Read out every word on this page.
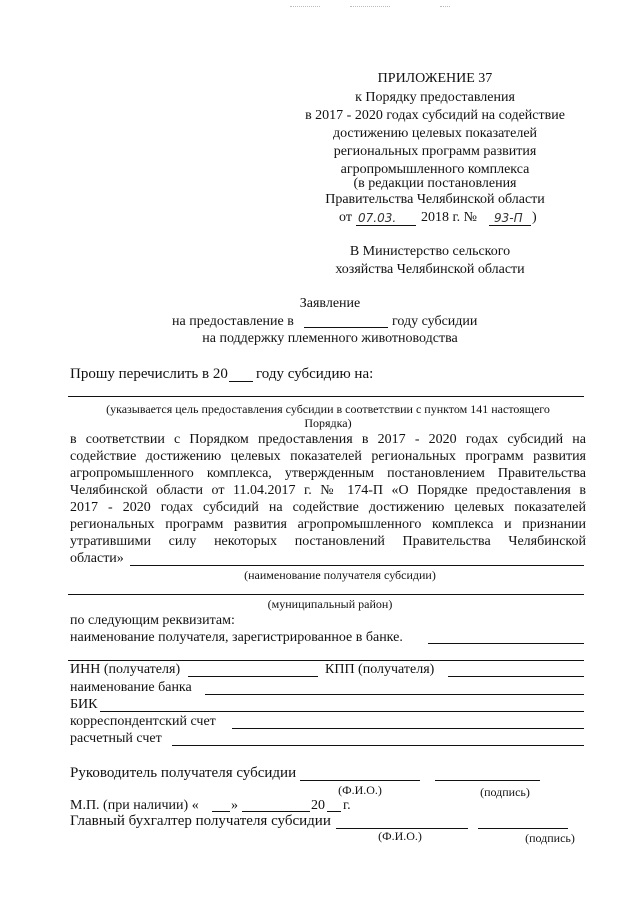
ПРИЛОЖЕНИЕ 37
к Порядку предоставления
в 2017 - 2020 годах субсидий на содействие
достижению целевых показателей
региональных программ развития
агропромышленного комплекса
(в редакции постановления
Правительства Челябинской области
от 07.03. 2018 г. № 93-П )
В Министерство сельского
хозяйства Челябинской области
Заявление
на предоставление в	году субсидии
на поддержку племенного животноводства
Прошу перечислить в 20 году субсидию на:
(указывается цель предоставления субсидии в соответствии с пунктом 141 настоящего
Порядка)
в соответствии с Порядком предоставления в 2017 - 2020 годах субсидий на
содействие достижению целевых показателей региональных программ развития
агропромышленного комплекса, утвержденным постановлением Правительства
Челябинской области от 11.04.2017 г. № 174-П «О Порядке предоставления в
2017 - 2020 годах субсидий на содействие достижению целевых показателей
региональных программ развития агропромышленного комплекса и признании
утратившими силу некоторых постановлений Правительства Челябинской
области»
(наименование получателя субсидии)
(муниципальный район)
по следующим реквизитам:
наименование получателя, зарегистрированное в банке.
ИНН (получателя)	КПП (получателя)
наименование банка
БИК
корреспондентский счет
расчетный счет
Руководитель получателя субсидии
(Ф.И.О.)	(подпись)
М.П. (при наличии) « »	20 г.
Главный бухгалтер получателя субсидии
(Ф.И.О.)	(подпись)
